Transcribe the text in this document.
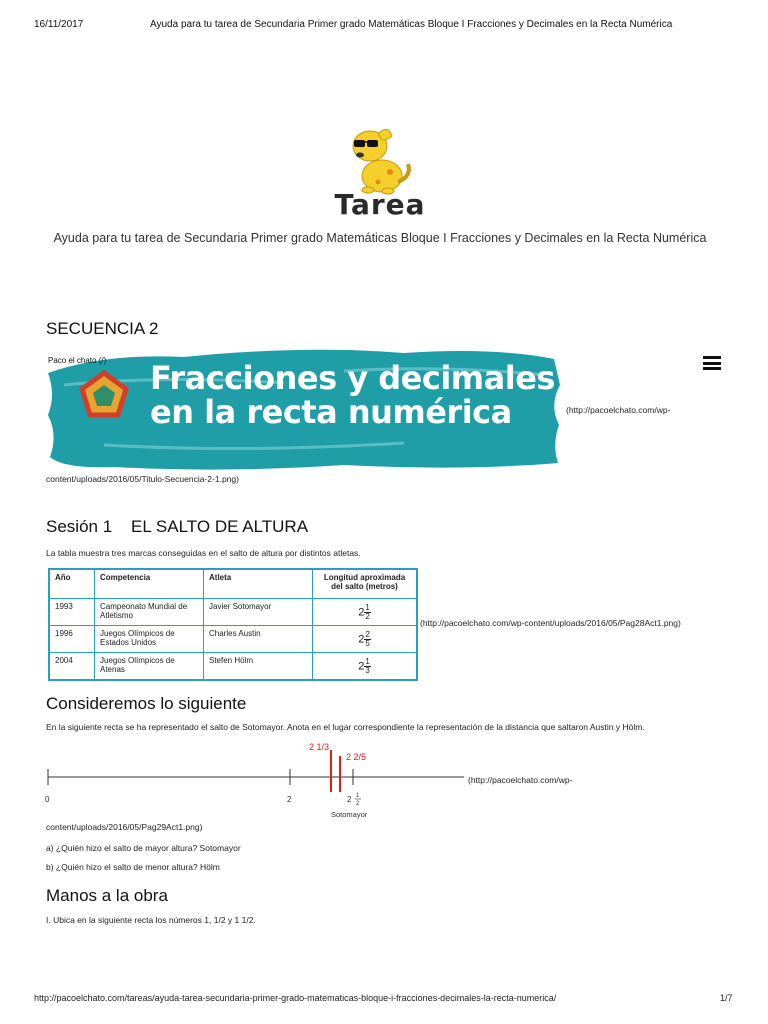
16/11/2017	Ayuda para tu tarea de Secundaria Primer grado Matemáticas Bloque I Fracciones y Decimales en la Recta Numérica
Tarea
Ayuda para tu tarea de Secundaria Primer grado Matemáticas Bloque I Fracciones y Decimales en la Recta Numérica
SECUENCIA 2
Paco el chato (/) Fracciones y decimales
en la recta numérica	(http://pacoelchato.com/wp-
content/uploads/2016/05/Titulo-Secuencia-2-1.png)
Sesión 1    EL SALTO DE ALTURA
La tabla muestra tres marcas conseguidas en el salto de altura por distintos atletas.
Año	Competencia	Atleta	Longitud aproximada del salto (metros)
1993	Campeonato Mundial de Atletismo	Javier Sotomayor	$2 \frac{1}{2}$

1996	Juegos Olímpicos de Estados Unidos	Charles Austin	$2 \frac{2}{5}$

2004	Juegos Olímpicos de Atenas	Stefen Hölm	$2 \frac{1}{3}$
(http://pacoelchato.com/wp-content/uploads/2016/05/Pag28Act1.png)
Consideremos lo siguiente
En la siguiente recta se ha representado el salto de Sotomayor. Anota en el lugar correspondiente la representación de la distancia que saltaron Austin y Hölm.
2 1/3
2 2/5
0	2	2 1
2
Sotomayor
(http://pacoelchato.com/wp-
content/uploads/2016/05/Pag29Act1.png)
a) ¿Quién hizo el salto de mayor altura? Sotomayor
b) ¿Quién hizo el salto de menor altura? Hölm
Manos a la obra
I. Ubica en la siguiente recta los números 1, 1/2 y 1 1/2.
http://pacoelchato.com/tareas/ayuda-tarea-secundaria-primer-grado-matematicas-bloque-i-fracciones-decimales-la-recta-numerica/	1/7
